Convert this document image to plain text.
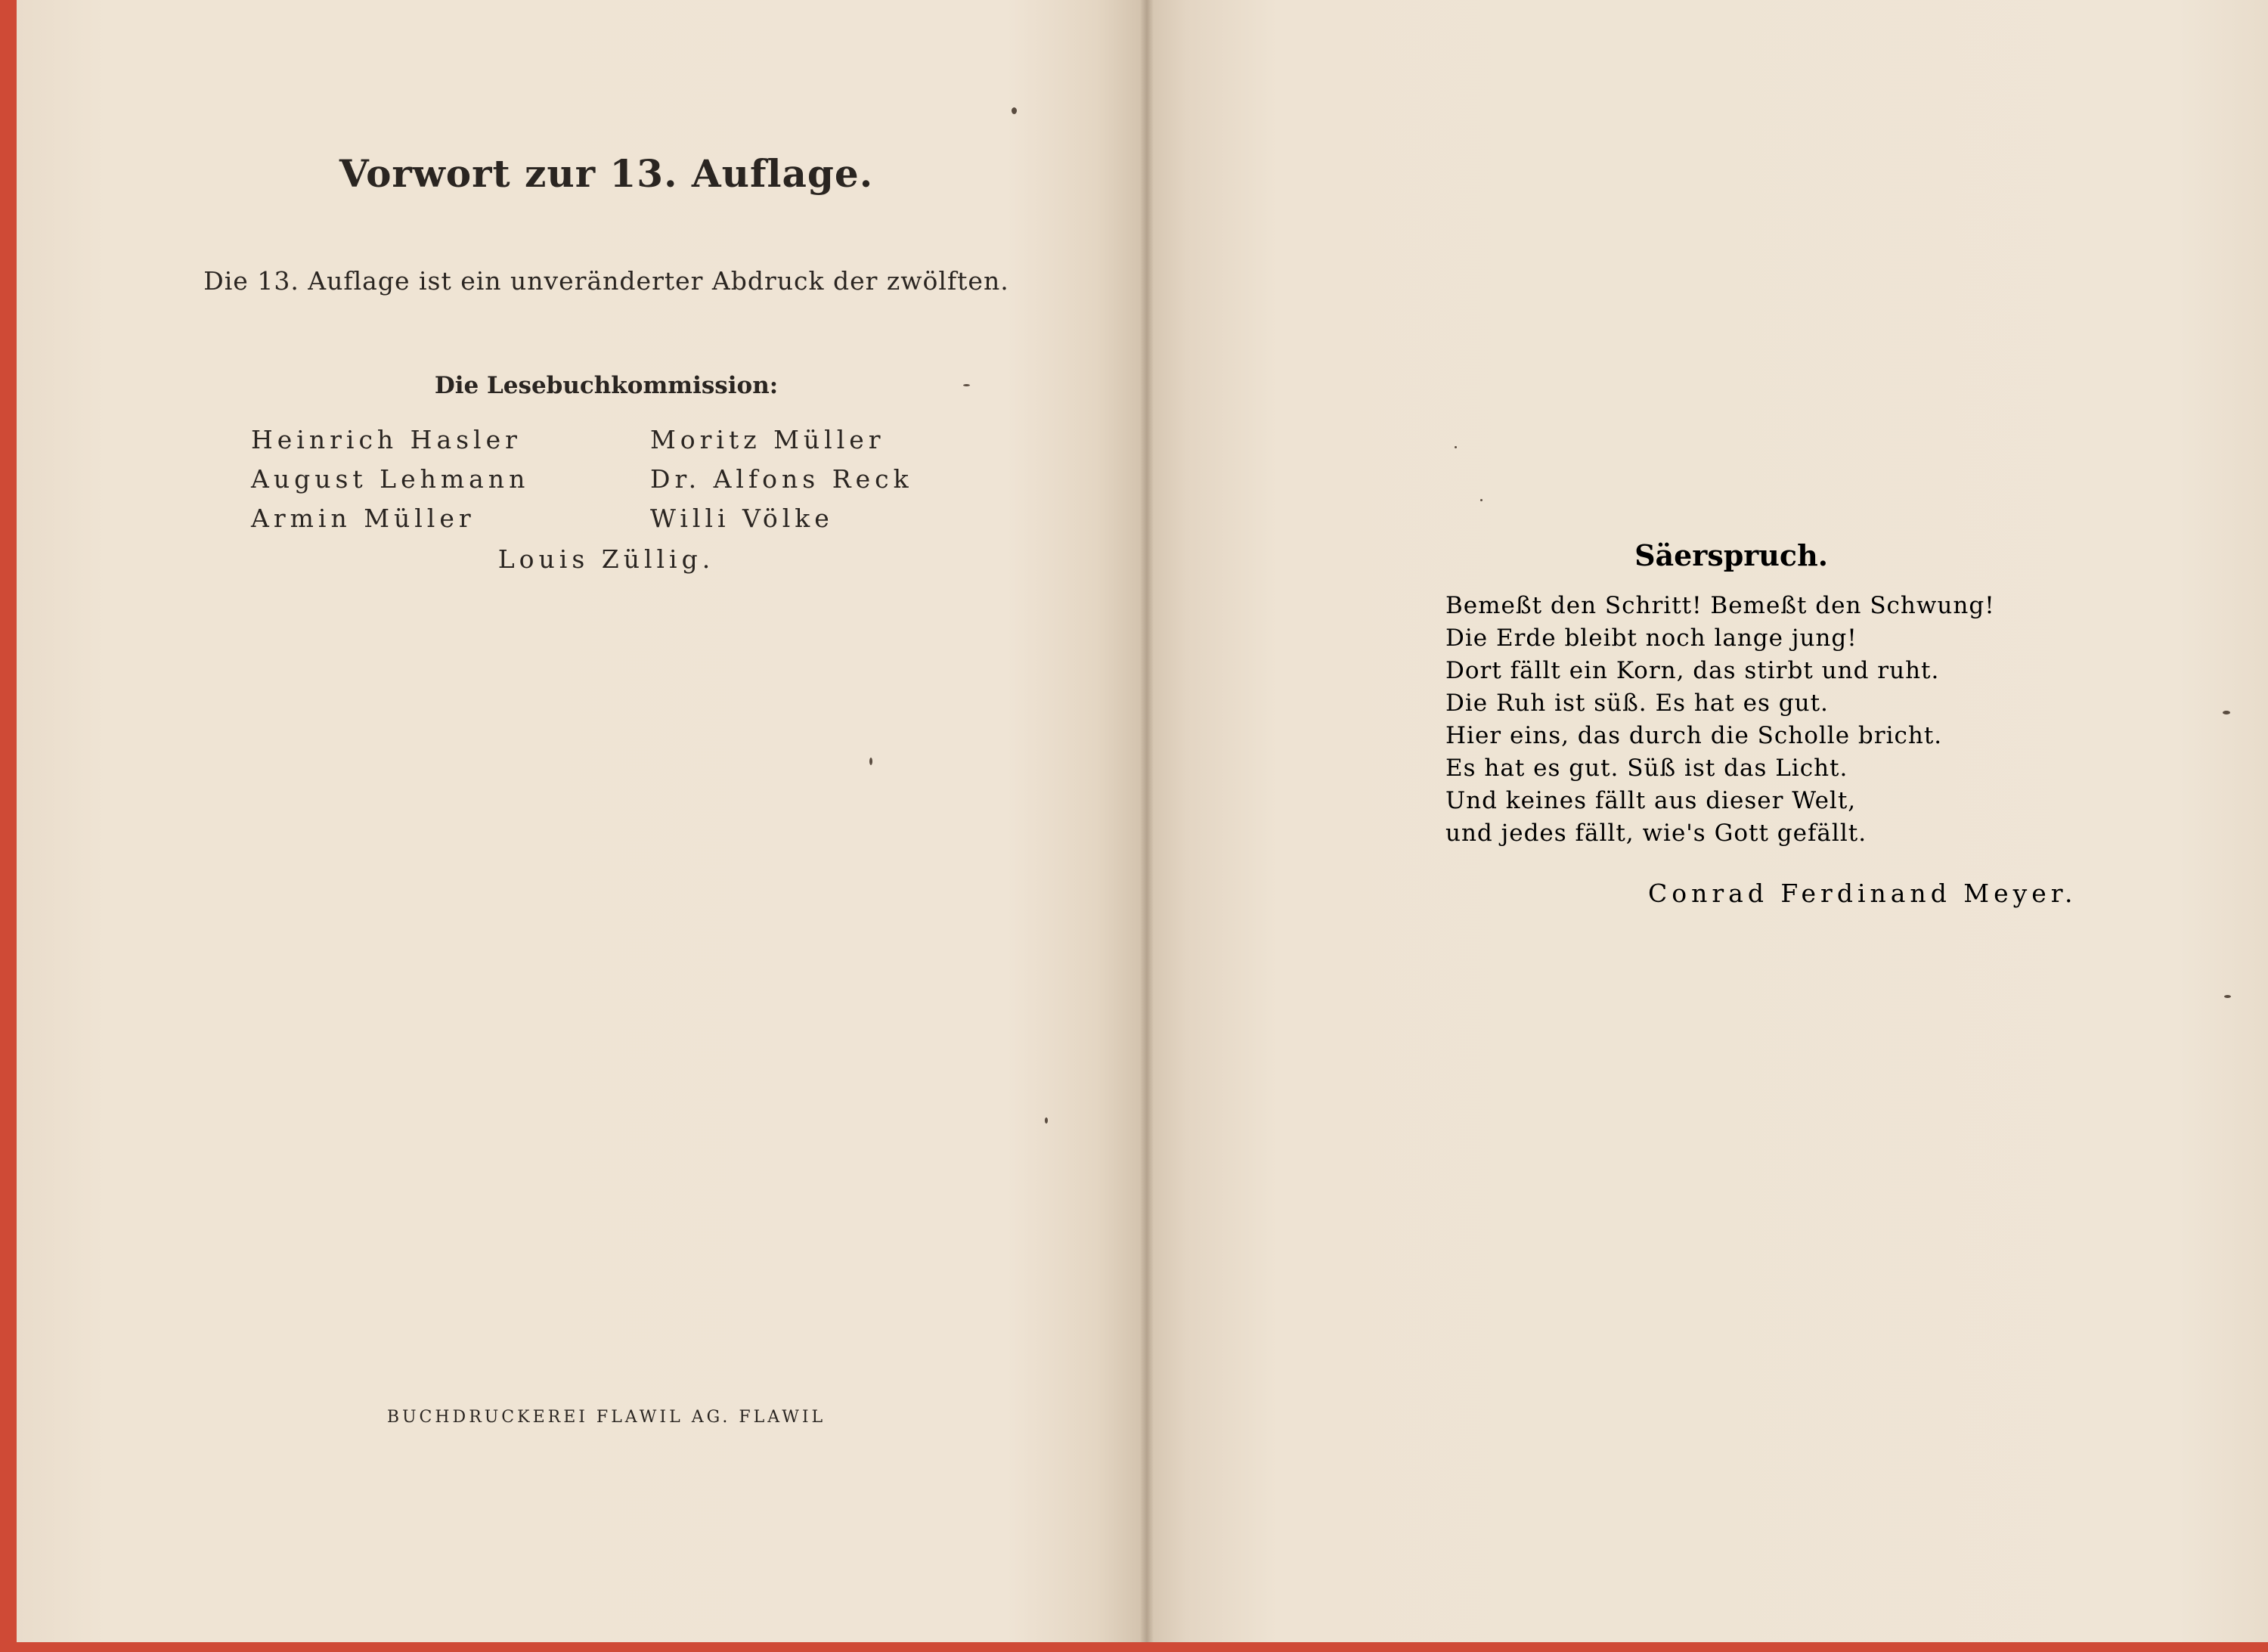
Vorwort zur 13. Auflage.
Die 13. Auflage ist ein unveränderter Abdruck der zwölften.
Die Lesebuchkommission:
Heinrich Hasler	Moritz Müller
August Lehmann	Dr. Alfons Reck
Armin Müller	Willi Völke
Louis Züllig.
BUCHDRUCKEREI FLAWIL AG. FLAWIL
Säerspruch.
Bemeßt den Schritt! Bemeßt den Schwung!
Die Erde bleibt noch lange jung!
Dort fällt ein Korn, das stirbt und ruht.
Die Ruh ist süß. Es hat es gut.
Hier eins, das durch die Scholle bricht.
Es hat es gut. Süß ist das Licht.
Und keines fällt aus dieser Welt,
und jedes fällt, wie's Gott gefällt.
Conrad Ferdinand Meyer.
